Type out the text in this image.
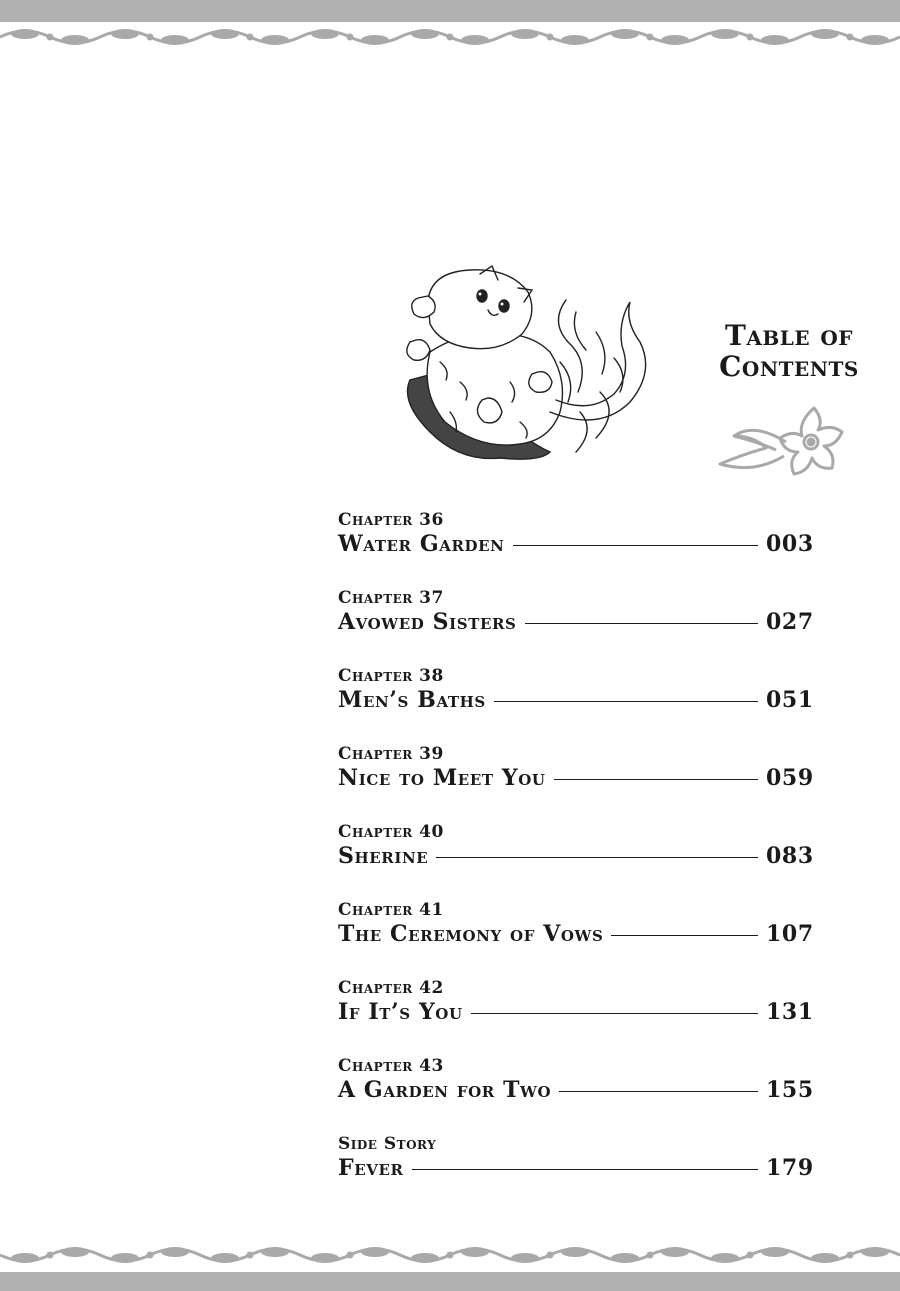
Table of
Contents
Chapter 36
Water Garden	003
Chapter 37
Avowed Sisters	027
Chapter 38
Men’s Baths	051
Chapter 39
Nice to Meet You	059
Chapter 40
Sherine	083
Chapter 41
The Ceremony of Vows	107
Chapter 42
If It’s You	131
Chapter 43
A Garden for Two	155
Side Story
Fever	179
